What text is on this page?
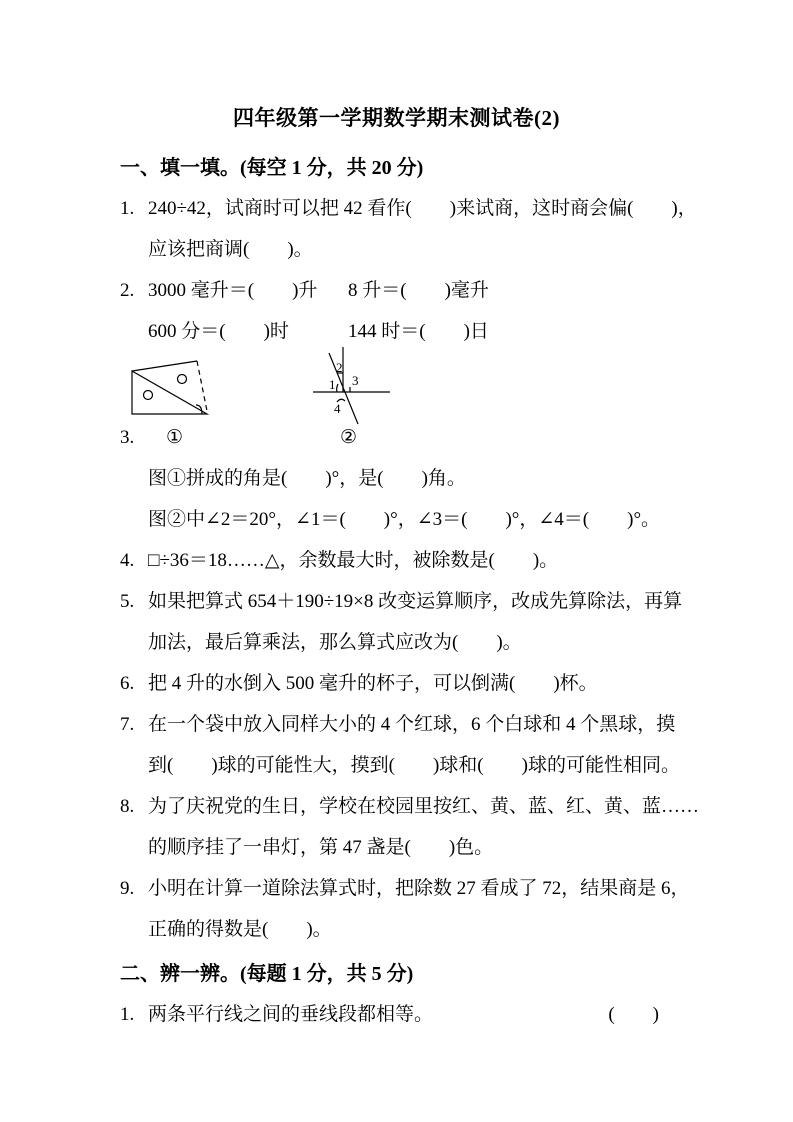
四年级第一学期数学期末测试卷(2)
一、填一填。(每空 1 分，共 20 分)
1. 240÷42，试商时可以把 42 看作(　　)来试商，这时商会偏(　　)，
应该把商调(　　)。
2. 3000 毫升＝(　　)升 8 升＝(　　)毫升
600 分＝(　　)时	144 时＝(　　)日
3.	①	②
图①拼成的角是(　　)°，是(　　)角。
图②中∠2＝20°，∠1＝(　　)°，∠3＝(　　)°，∠4＝(　　)°。
4. □÷36＝18……△，余数最大时，被除数是(　　)。
5. 如果把算式 654＋190÷19×8 改变运算顺序，改成先算除法，再算
加法，最后算乘法，那么算式应改为(　　)。
6. 把 4 升的水倒入 500 毫升的杯子，可以倒满(　　)杯。
7. 在一个袋中放入同样大小的 4 个红球，6 个白球和 4 个黑球，摸
到(　　)球的可能性大，摸到(　　)球和(　　)球的可能性相同。
8. 为了庆祝党的生日，学校在校园里按红、黄、蓝、红、黄、蓝……
的顺序挂了一串灯，第 47 盏是(　　)色。
9. 小明在计算一道除法算式时，把除数 27 看成了 72，结果商是 6，
正确的得数是(　　)。
二、辨一辨。(每题 1 分，共 5 分)
1. 两条平行线之间的垂线段都相等。	(　　)
2
1 3
4
